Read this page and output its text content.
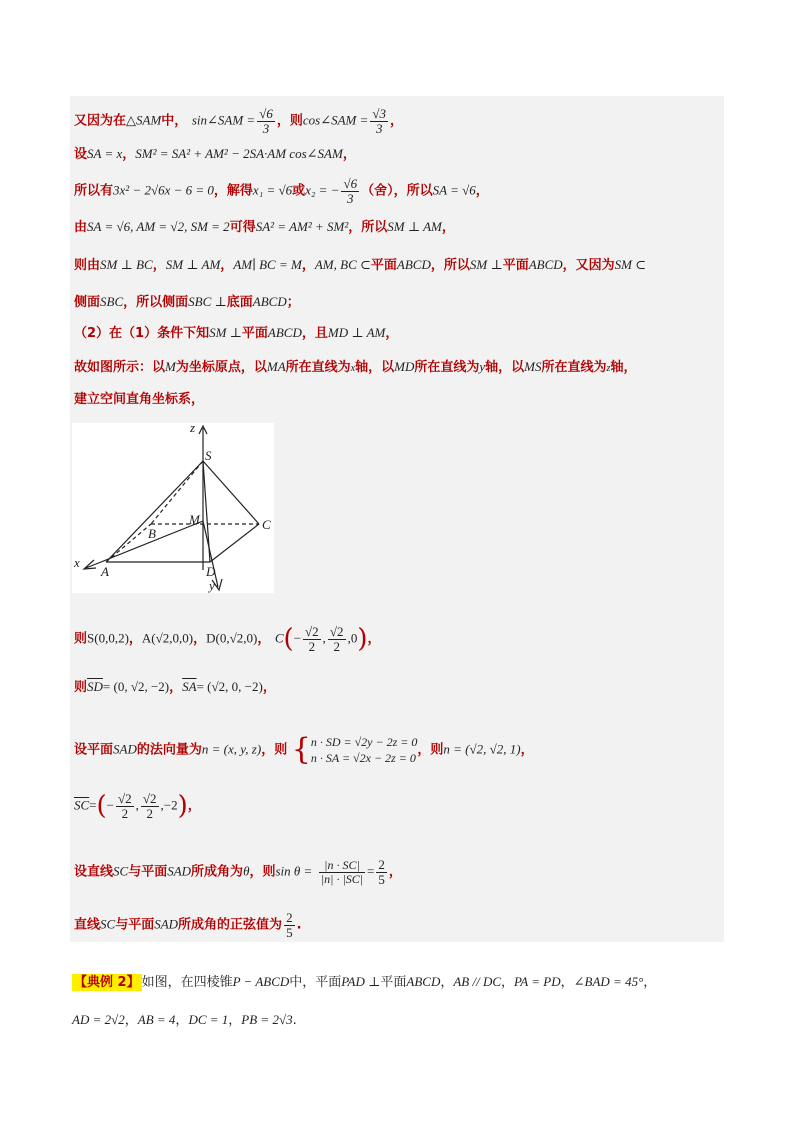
又因为在△SAM中， sin∠SAM = $\frac{√6}{3}$ ，则cos∠SAM = $\frac{√3}{3}$ ，
设SA = x，SM² = SA² + AM² − 2SA·AM cos∠SAM，
所以有3x² − 2√6x − 6 = 0，解得x₁ = √6或x₂ = − $\frac{√6}{3}$ （舍），所以SA = √6，
由SA = √6, AM = √2, SM = 2可得SA² = AM² + SM²，所以SM ⊥ AM，
则由SM ⊥ BC，SM ⊥ AM，AM∣ BC = M，AM, BC ⊂平面ABCD，所以SM ⊥平面ABCD，又因为SM ⊂
侧面SBC，所以侧面SBC ⊥底面ABCD；
（2）在（1）条件下知SM ⊥平面ABCD，且MD ⊥ AM，
故如图所示：以M为坐标原点，以MA所在直线为x轴，以MD所在直线为y轴，以MS所在直线为z轴，
建立空间直角坐标系，
z
S
M	C
B
x
A	D
y
则S(0,0,2)，A(√2,0,0)，D(0,√2,0)， $C(- \frac{√2}{2}$ , $\frac{√2}{2} ,0$)，
则$\overline{SD}= (0$, √2, −2)，$\overline{SA}= (√2$, 0, −2)，
设平面SAD的法向量为n = (x, y, z)，则 { n · SD = √2y − 2z = 0
n · SA = √2x − 2z = 0
，则n = (√2, √2, 1)，
$\overline{SC}=(- \frac{√2}{2}$ , $\frac{√2}{2} ,-2$)，
设直线SC与平面SAD所成角为θ，则$\sin \theta = \frac{|n \cdot SC|}{|n| \cdot |SC|} = \frac{2}{5}$ ，
直线SC与平面SAD所成角的正弦值为 $\frac{2}{5}$ .
【典例 2】 如图，在四棱锥P − ABCD中，平面PAD ⊥平面ABCD，AB // DC，PA = PD，∠BAD = 45°，
AD = 2√2，AB = 4，DC = 1，PB = 2√3.
